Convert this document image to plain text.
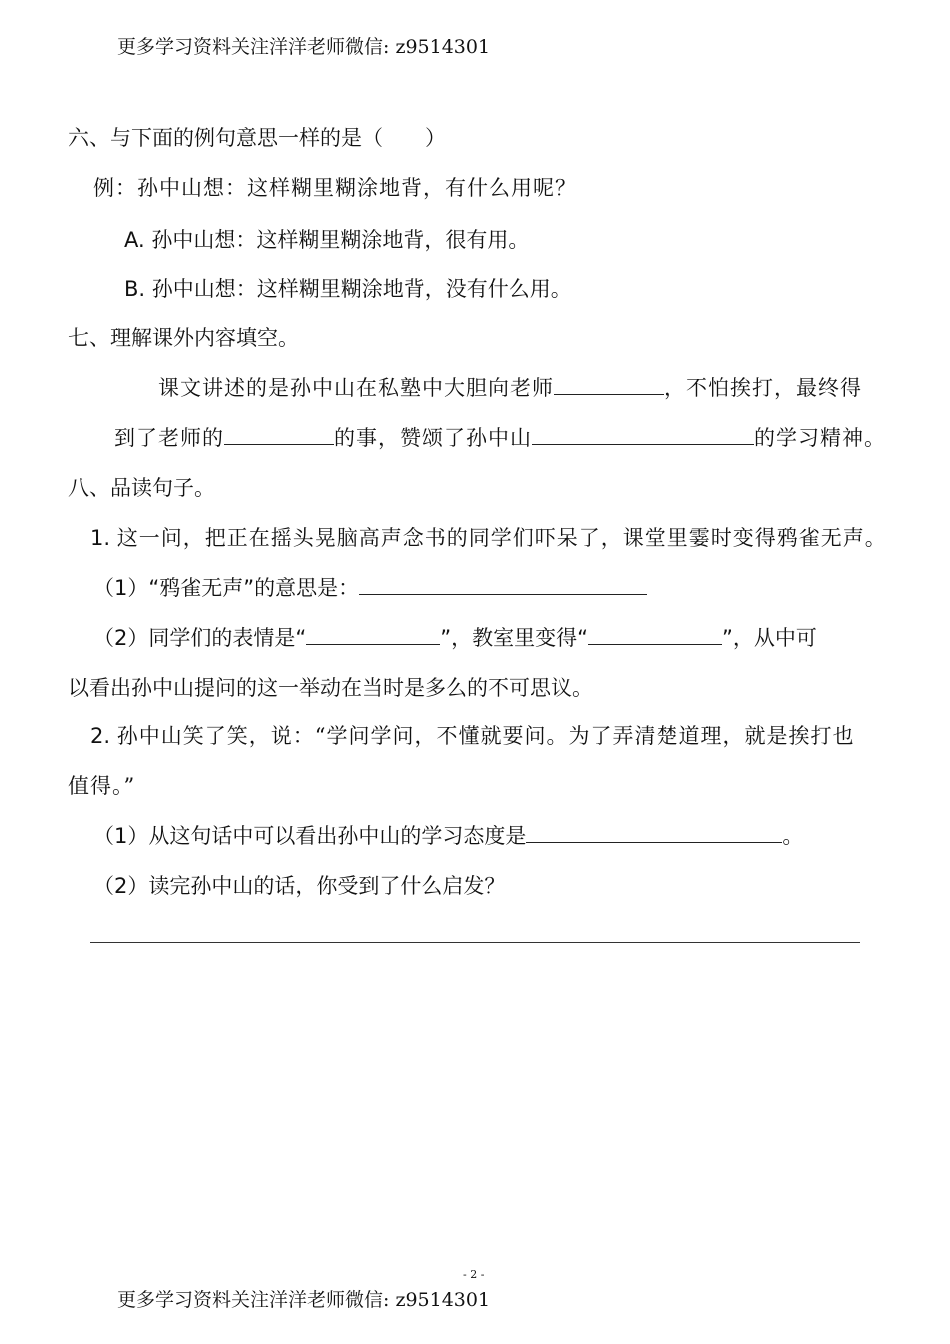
更多学习资料关注洋洋老师微信: z9514301
六、与下面的例句意思一样的是（　　）
例：孙中山想：这样糊里糊涂地背，有什么用呢？
A. 孙中山想：这样糊里糊涂地背，很有用。
B. 孙中山想：这样糊里糊涂地背，没有什么用。
七、理解课外内容填空。
课文讲述的是孙中山在私塾中大胆向老师	，不怕挨打，最终得
到了老师的	的事，赞颂了孙中山	的学习精神。
八、品读句子。
1. 这一问，把正在摇头晃脑高声念书的同学们吓呆了，课堂里霎时变得鸦雀无声。
（1）“鸦雀无声”的意思是：
（2）同学们的表情是“	”，教室里变得“	”，从中可
以看出孙中山提问的这一举动在当时是多么的不可思议。
2. 孙中山笑了笑，说：“学问学问，不懂就要问。为了弄清楚道理，就是挨打也
值得。”
（1）从这句话中可以看出孙中山的学习态度是	。
（2）读完孙中山的话，你受到了什么启发？
- 2 -
更多学习资料关注洋洋老师微信: z9514301
